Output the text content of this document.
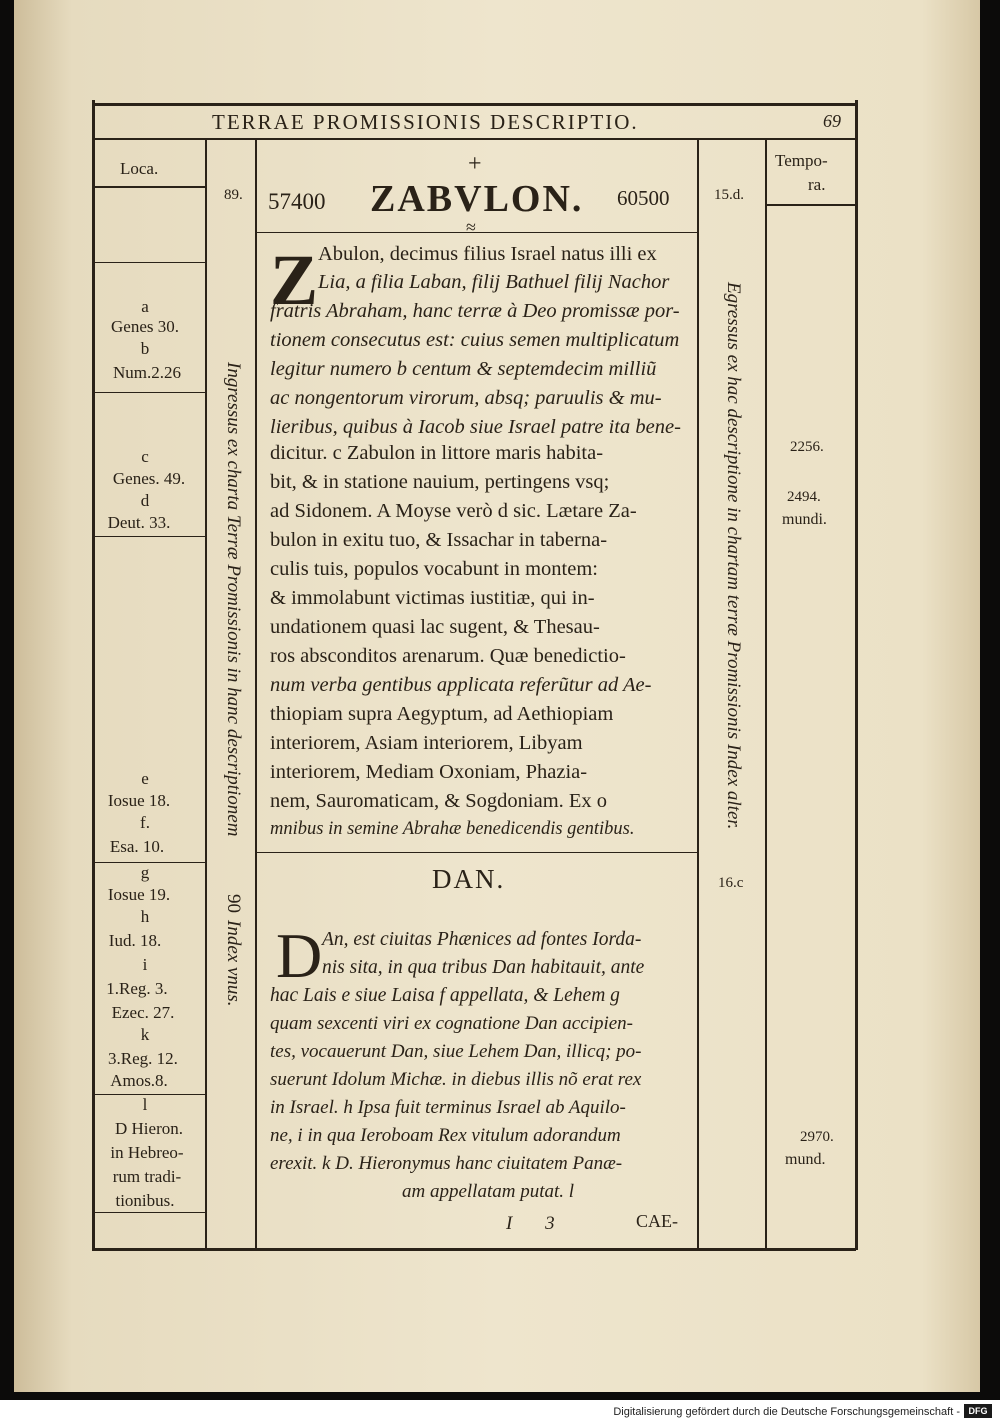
TERRAE PROMISSIONIS DESCRIPTIO.	69
Loca.	Tempo-
ra.
+
57400 ZABVLON. 60500
≈
89.	15.d.
Z Abulon, decimus filius Israel natus illi ex
Lia, a filia Laban, filij Bathuel filij Nachor
fratris Abraham, hanc terræ à Deo promissæ por-
tionem consecutus est: cuius semen multiplicatum
legitur numero b centum & septemdecim milliũ
ac nongentorum virorum, absq; paruulis & mu-
lieribus, quibus à Iacob siue Israel patre ita bene-
dicitur. c Zabulon in littore maris habita-
bit, & in statione nauium, pertingens vsq;
ad Sidonem. A Moyse verò d sic. Lætare Za-
bulon in exitu tuo, & Issachar in taberna-
culis tuis, populos vocabunt in montem:
& immolabunt victimas iustitiæ, qui in-
undationem quasi lac sugent, & Thesau-
ros absconditos arenarum. Quæ benedictio-
num verba gentibus applicata referũtur ad Ae-
thiopiam supra Aegyptum, ad Aethiopiam
interiorem, Asiam interiorem, Libyam
interiorem, Mediam Oxoniam, Phazia-
nem, Sauromaticam, & Sogdoniam. Ex o
mnibus in semine Abrahæ benedicendis gentibus.
DAN.
D An, est ciuitas Phænices ad fontes Iorda-
nis sita, in qua tribus Dan habitauit, ante
hac Lais e siue Laisa f appellata, & Lehem g
quam sexcenti viri ex cognatione Dan accipien-
tes, vocauerunt Dan, siue Lehem Dan, illicq; po-
suerunt Idolum Michæ. in diebus illis nõ erat rex
in Israel. h Ipsa fuit terminus Israel ab Aquilo-
ne, i in qua Ieroboam Rex vitulum adorandum
erexit. k D. Hieronymus hanc ciuitatem Panæ-
am appellatam putat. l
I 3	CAE-
a
Genes 30.
b
Num.2.26
c
Genes. 49.
d
Deut. 33.
e
Iosue 18.
f.
Esa. 10.
g
Iosue 19.
h
Iud. 18.
i
1.Reg. 3.
Ezec. 27.
k
3.Reg. 12.
Amos.8.
l
D Hieron.
in Hebreo-
rum tradi-
tionibus.
Ingressus ex charta Terræ Promissionis in hanc descriptionem
90
Index vnus.
Egressus ex hac descriptione in chartam terræ Promissionis Index alter.
16.c
2256.
2494.
mundi.
2970.
mund.
Digitalisierung gefördert durch die Deutsche Forschungsgemeinschaft - DFG
